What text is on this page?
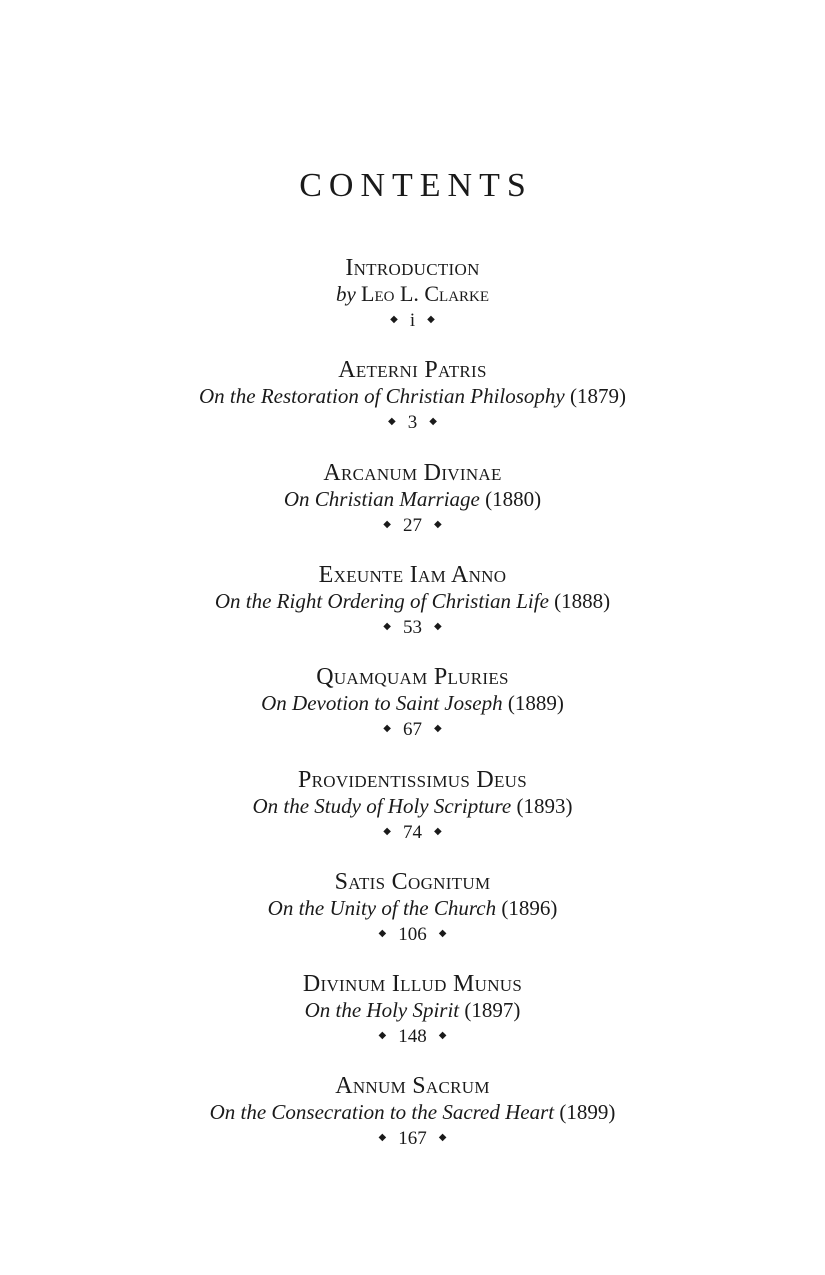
CONTENTS
Introduction
by Leo L. Clarke
◆ i ◆
Aeterni Patris
On the Restoration of Christian Philosophy (1879)
◆ 3 ◆
Arcanum Divinae
On Christian Marriage (1880)
◆ 27 ◆
Exeunte Iam Anno
On the Right Ordering of Christian Life (1888)
◆ 53 ◆
Quamquam Pluries
On Devotion to Saint Joseph (1889)
◆ 67 ◆
Providentissimus Deus
On the Study of Holy Scripture (1893)
◆ 74 ◆
Satis Cognitum
On the Unity of the Church (1896)
◆ 106 ◆
Divinum Illud Munus
On the Holy Spirit (1897)
◆ 148 ◆
Annum Sacrum
On the Consecration to the Sacred Heart (1899)
◆ 167 ◆
